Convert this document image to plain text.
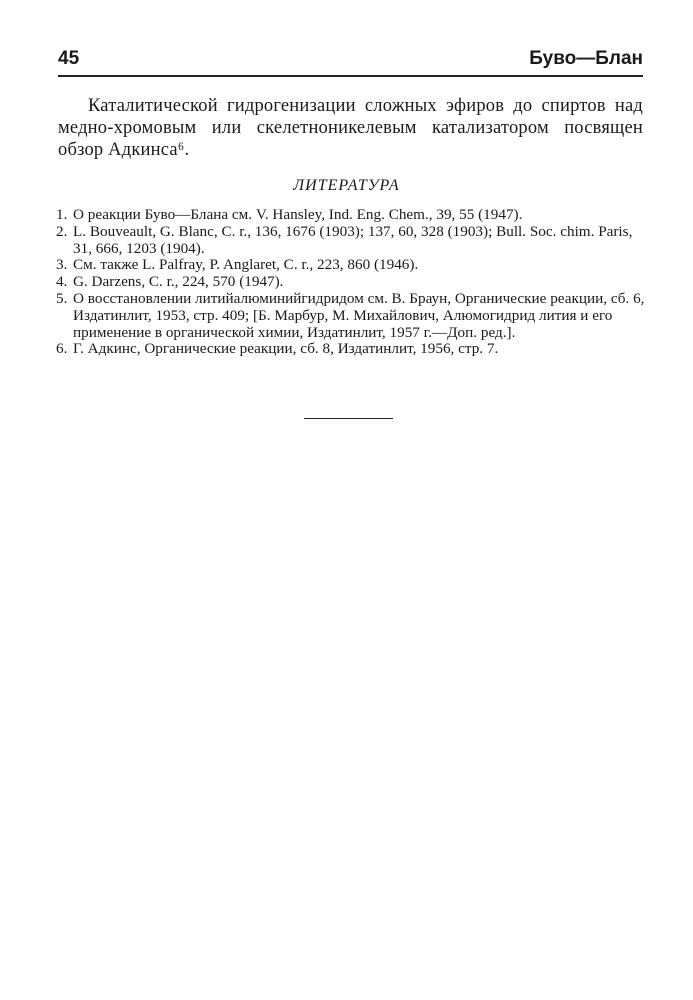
45	Буво—Блан
Каталитической гидрогенизации сложных эфиров до спиртов над медно-хромовым или скелетноникелевым катализатором посвящен обзор Адкинса⁶.
ЛИТЕРАТУРА
1. О реакции Буво—Блана см. V. Hansley, Ind. Eng. Chem., 39, 55 (1947).
2. L. Bouveault, G. Blanc, C. r., 136, 1676 (1903); 137, 60, 328 (1903); Bull. Soc. chim. Paris, 31, 666, 1203 (1904).
3. См. также L. Palfray, P. Anglaret, C. r., 223, 860 (1946).
4. G. Darzens, C. r., 224, 570 (1947).
5. О восстановлении литийалюминийгидридом см. В. Браун, Органические реакции, сб. 6, Издатинлит, 1953, стр. 409; [Б. Марбур, М. Михайлович, Алюмогидрид лития и его применение в органической химии, Издатинлит, 1957 г.—Доп. ред.].
6. Г. Адкинс, Органические реакции, сб. 8, Издатинлит, 1956, стр. 7.
